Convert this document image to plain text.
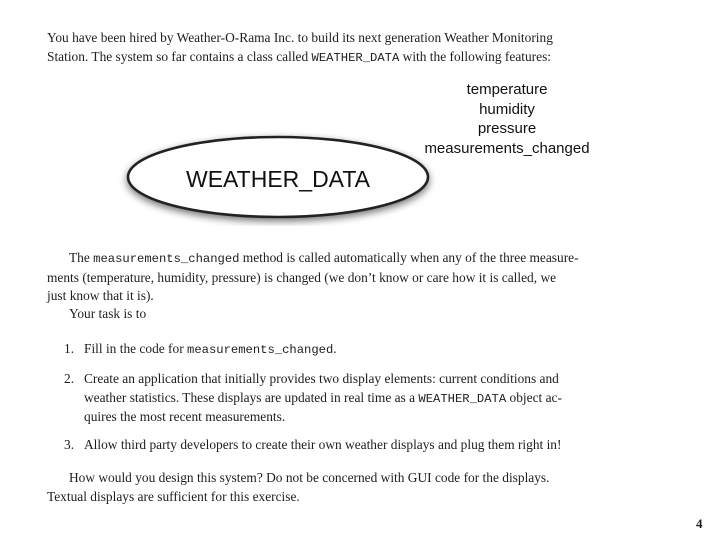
You have been hired by Weather-O-Rama Inc. to build its next generation Weather Monitoring
Station. The system so far contains a class called WEATHER_DATA with the following features:

temperature
humidity
pressure
measurements_changed
WEATHER_DATA

The measurements_changed method is called automatically when any of the three measure-
ments (temperature, humidity, pressure) is changed (we don’t know or care how it is called, we
just know that it is).

Your task is to

1. Fill in the code for measurements_changed.
2. Create an application that initially provides two display elements: current conditions and
weather statistics. These displays are updated in real time as a WEATHER_DATA object ac-
quires the most recent measurements.
3. Allow third party developers to create their own weather displays and plug them right in!

How would you design this system? Do not be concerned with GUI code for the displays.
Textual displays are sufficient for this exercise.

4
